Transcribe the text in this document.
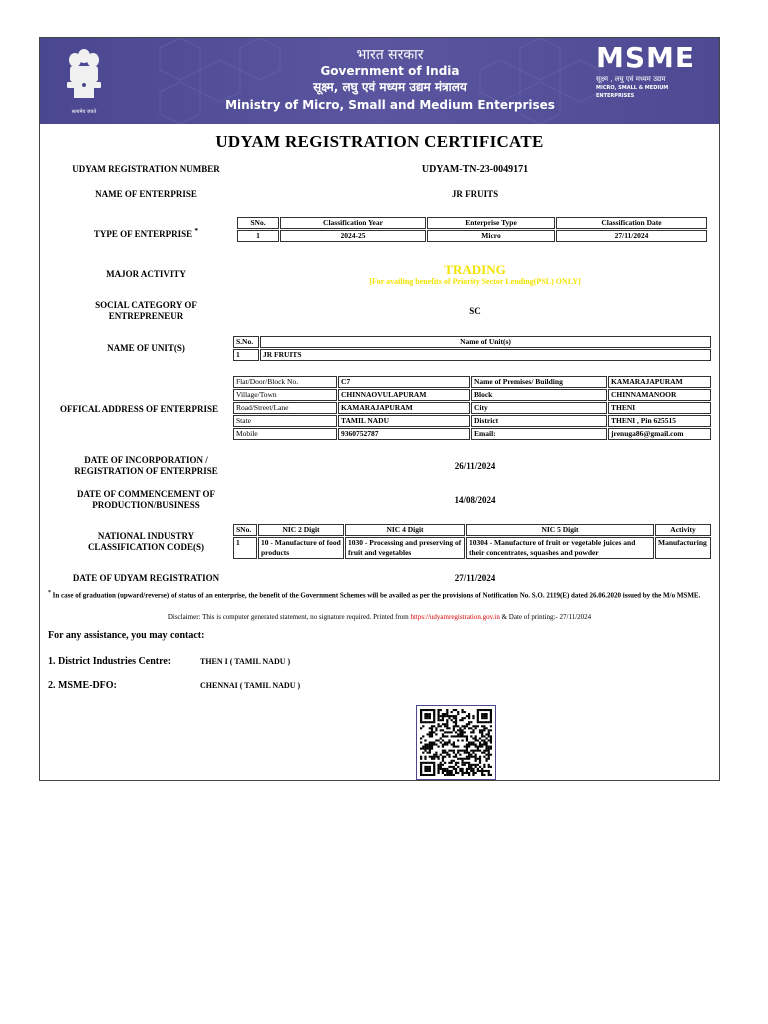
सत्यमेव जयते
भारत सरकार
Government of India
सूक्ष्म, लघु एवं मध्यम उद्यम मंत्रालय
Ministry of Micro, Small and Medium Enterprises
MSME
सूक्ष्म , लघु एवं मध्यम उद्यम
MICRO, SMALL & MEDIUM ENTERPRISES
UDYAM REGISTRATION CERTIFICATE
UDYAM REGISTRATION NUMBER	UDYAM-TN-23-0049171
NAME OF ENTERPRISE	JR FRUITS
TYPE OF ENTERPRISE *
SNo.	Classification Year	Enterprise Type	Classification Date
1	2024-25	Micro	27/11/2024
MAJOR ACTIVITY	TRADING
[For availing benefits of Priority Sector Lending(PSL) ONLY]
SOCIAL CATEGORY OF
ENTREPRENEUR	SC
NAME OF UNIT(S)
S.No.	Name of Unit(s)
1	JR FRUITS
OFFICAL ADDRESS OF ENTERPRISE
Flat/Door/Block No.	C7	Name of Premises/ Building	KAMARAJAPURAM
Village/Town	CHINNAOVULAPURAM	Block	CHINNAMANOOR
Road/Street/Lane	KAMARAJAPURAM	City	THENI
State	TAMIL NADU	District	THENI , Pin 625515
Mobile	9360752787	Email:	jrenuga86@gmail.com
DATE OF INCORPORATION /
REGISTRATION OF ENTERPRISE	26/11/2024
DATE OF COMMENCEMENT OF
PRODUCTION/BUSINESS	14/08/2024
NATIONAL INDUSTRY
CLASSIFICATION CODE(S)
SNo.	NIC 2 Digit	NIC 4 Digit	NIC 5 Digit	Activity
1	10 - Manufacture of food products	1030 - Processing and preserving of fruit and vegetables	10304 - Manufacture of fruit or vegetable juices and their concentrates, squashes and powder	Manufacturing
DATE OF UDYAM REGISTRATION	27/11/2024
* In case of graduation (upward/reverse) of status of an enterprise, the benefit of the Government Schemes will be availed as per the provisions of Notification No. S.O. 2119(E) dated 26.06.2020 issued by the M/o MSME.
Disclaimer: This is computer generated statement, no signature required. Printed from https://udyamregistration.gov.in & Date of printing:- 27/11/2024
For any assistance, you may contact:
1. District Industries Centre:	THEN I ( TAMIL NADU )
2. MSME-DFO:	CHENNAI ( TAMIL NADU )
